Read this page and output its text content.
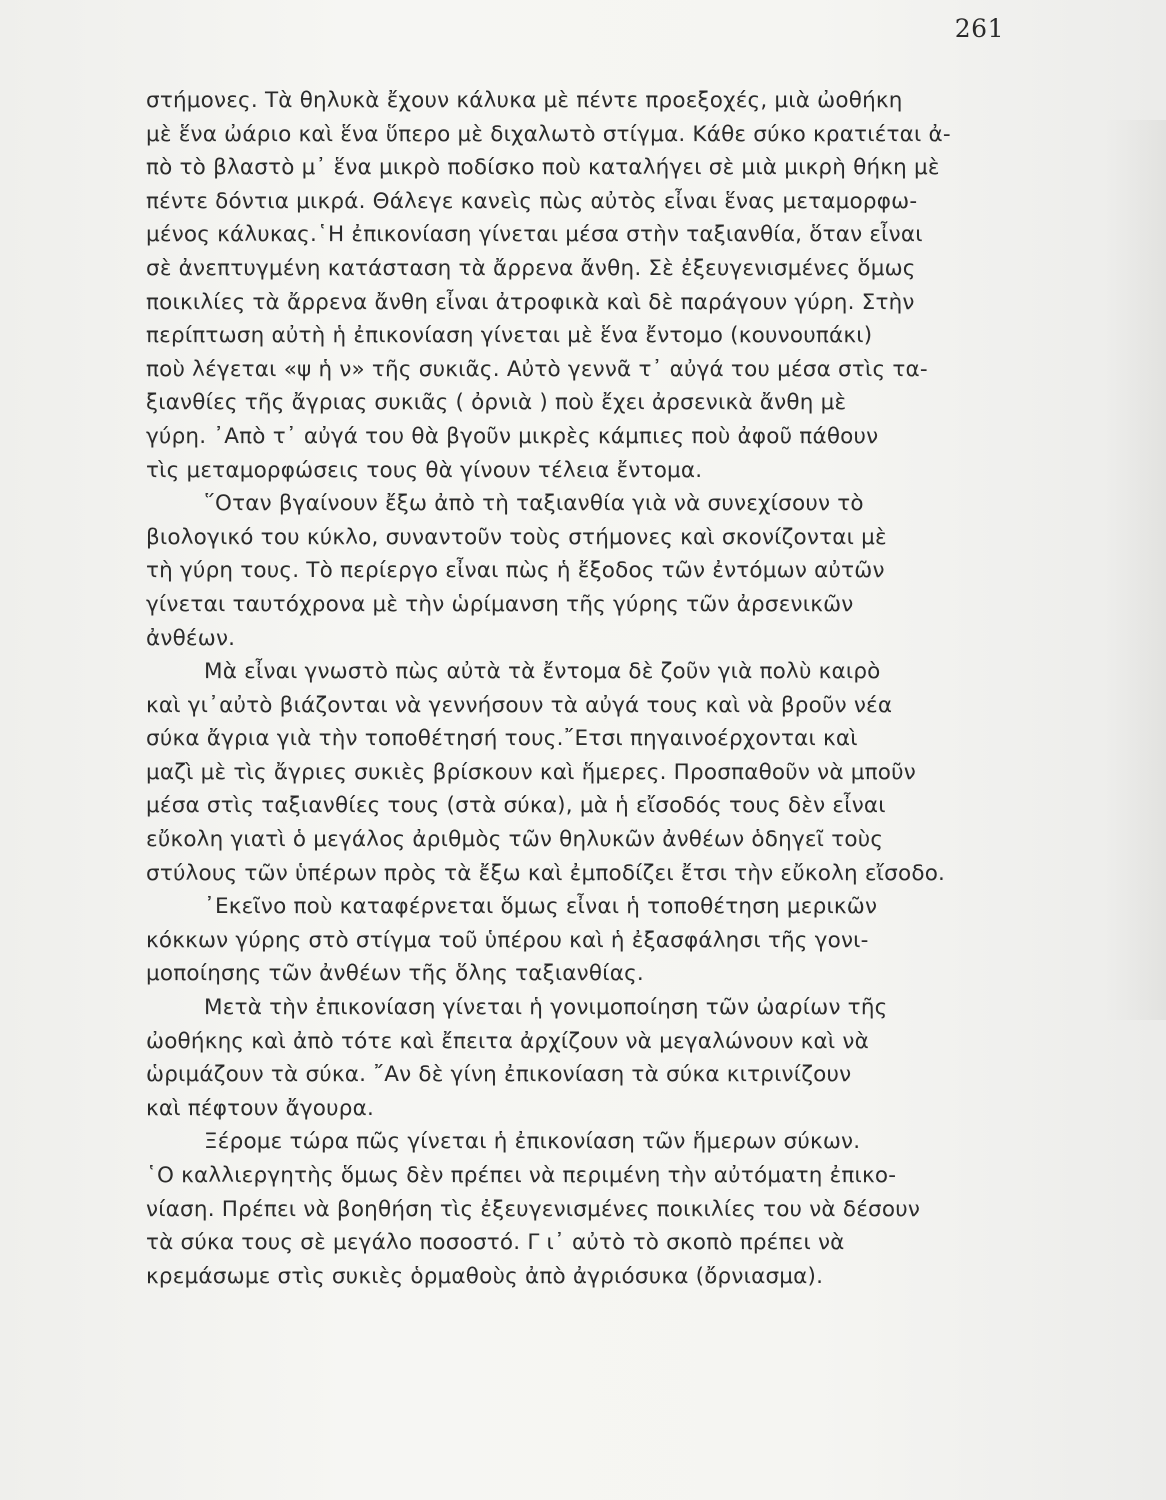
261
στήμονες. Τὰ θηλυκὰ ἔχουν κάλυκα μὲ πέντε προεξοχές, μιὰ ὠοθήκη
μὲ ἕνα ὠάριο καὶ ἕνα ὕπερο μὲ διχαλωτὸ στίγμα. Κάθε σύκο κρατιέται ἀ-
πὸ τὸ βλαστὸ μ᾽ ἕνα μικρὸ ποδίσκο ποὺ καταλήγει σὲ μιὰ μικρὴ θήκη μὲ
πέντε δόντια μικρά. Θάλεγε κανεὶς πὼς αὐτὸς εἶναι ἕνας μεταμορφω-
μένος κάλυκας.῾Η ἐπικονίαση γίνεται μέσα στὴν ταξιανθία, ὅταν εἶναι
σὲ ἀνεπτυγμένη κατάσταση τὰ ἄρρενα ἄνθη. Σὲ ἐξευγενισμένες ὅμως
ποικιλίες τὰ ἄρρενα ἄνθη εἶναι ἀτροφικὰ καὶ δὲ παράγουν γύρη. Στὴν
περίπτωση αὐτὴ ἡ ἐπικονίαση γίνεται μὲ ἕνα ἔντομο (κουνουπάκι)
ποὺ λέγεται «ψ ἡ ν» τῆς συκιᾶς. Αὐτὸ γεννᾶ τ᾽ αὐγά του μέσα στὶς τα-
ξιανθίες τῆς ἄγριας συκιᾶς ( ὀρνιὰ ) ποὺ ἔχει ἀρσενικὰ ἄνθη μὲ
γύρη. ᾿Απὸ τ᾽ αὐγά του θὰ βγοῦν μικρὲς κάμπιες ποὺ ἀφοῦ πάθουν
τὶς μεταμορφώσεις τους θὰ γίνουν τέλεια ἔντομα.
῞Οταν βγαίνουν ἔξω ἀπὸ τὴ ταξιανθία γιὰ νὰ συνεχίσουν τὸ
βιολογικό του κύκλο, συναντοῦν τοὺς στήμονες καὶ σκονίζονται μὲ
τὴ γύρη τους. Τὸ περίεργο εἶναι πὼς ἡ ἔξοδος τῶν ἐντόμων αὐτῶν
γίνεται ταυτόχρονα μὲ τὴν ὡρίμανση τῆς γύρης τῶν ἀρσενικῶν
ἀνθέων.
Μὰ εἶναι γνωστὸ πὼς αὐτὰ τὰ ἔντομα δὲ ζοῦν γιὰ πολὺ καιρὸ
καὶ γι᾽αὐτὸ βιάζονται νὰ γεννήσουν τὰ αὐγά τους καὶ νὰ βροῦν νέα
σύκα ἄγρια γιὰ τὴν τοποθέτησή τους.῎Ετσι πηγαινοέρχονται καὶ
μαζὶ μὲ τὶς ἄγριες συκιὲς βρίσκουν καὶ ἥμερες. Προσπαθοῦν νὰ μποῦν
μέσα στὶς ταξιανθίες τους (στὰ σύκα), μὰ ἡ εἴσοδός τους δὲν εἶναι
εὔκολη γιατὶ ὁ μεγάλος ἀριθμὸς τῶν θηλυκῶν ἀνθέων ὁδηγεῖ τοὺς
στύλους τῶν ὑπέρων πρὸς τὰ ἔξω καὶ ἐμποδίζει ἔτσι τὴν εὔκολη εἴσοδο.
᾿Εκεῖνο ποὺ καταφέρνεται ὅμως εἶναι ἡ τοποθέτηση μερικῶν
κόκκων γύρης στὸ στίγμα τοῦ ὑπέρου καὶ ἡ ἐξασφάλησι τῆς γονι-
μοποίησης τῶν ἀνθέων τῆς ὅλης ταξιανθίας.
Μετὰ τὴν ἐπικονίαση γίνεται ἡ γονιμοποίηση τῶν ὠαρίων τῆς
ὠοθήκης καὶ ἀπὸ τότε καὶ ἔπειτα ἀρχίζουν νὰ μεγαλώνουν καὶ νὰ
ὡριμάζουν τὰ σύκα. ῎Αν δὲ γίνη ἐπικονίαση τὰ σύκα κιτρινίζουν
καὶ πέφτουν ἄγουρα.
Ξέρομε τώρα πῶς γίνεται ἡ ἐπικονίαση τῶν ἥμερων σύκων.
῾Ο καλλιεργητὴς ὅμως δὲν πρέπει νὰ περιμένη τὴν αὐτόματη ἐπικο-
νίαση. Πρέπει νὰ βοηθήση τὶς ἐξευγενισμένες ποικιλίες του νὰ δέσουν
τὰ σύκα τους σὲ μεγάλο ποσοστό. Γ ι᾽ αὐτὸ τὸ σκοπὸ πρέπει νὰ
κρεμάσωμε στὶς συκιὲς ὁρμαθοὺς ἀπὸ ἀγριόσυκα (ὄρνιασμα).
